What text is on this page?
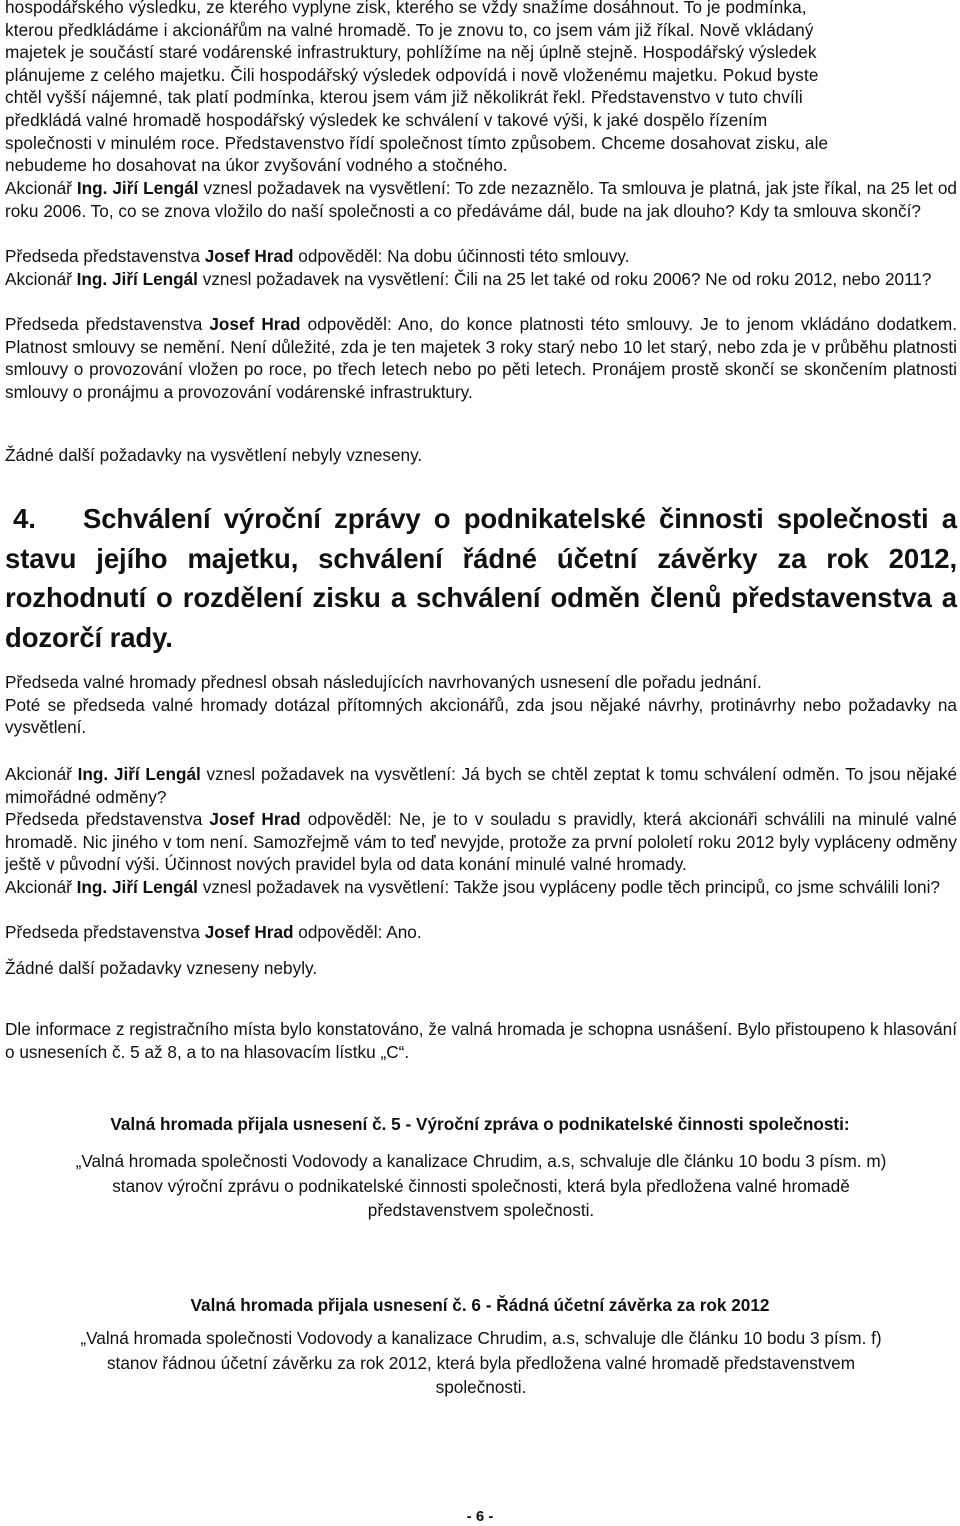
hospodářského výsledku, ze kterého vyplyne zisk, kterého se vždy snažíme dosáhnout. To je podmínka,
kterou předkládáme i akcionářům na valné hromadě. To je znovu to, co jsem vám již říkal. Nově vkládaný
majetek je součástí staré vodárenské infrastruktury, pohlížíme na něj úplně stejně. Hospodářský výsledek
plánujeme z celého majetku. Čili hospodářský výsledek odpovídá i nově vloženému majetku. Pokud byste
chtěl vyšší nájemné, tak platí podmínka, kterou jsem vám již několikrát řekl. Představenstvo v tuto chvíli
předkládá valné hromadě hospodářský výsledek ke schválení v takové výši, k jaké dospělo řízením
společnosti v minulém roce. Představenstvo řídí společnost tímto způsobem. Chceme dosahovat zisku, ale
nebudeme ho dosahovat na úkor zvyšování vodného a stočného.

Akcionář Ing. Jiří Lengál vznesl požadavek na vysvětlení: To zde nezaznělo. Ta smlouva je platná, jak jste říkal, na 25 let od roku 2006. To, co se znova vložilo do naší společnosti a co předáváme dál, bude na jak dlouho? Kdy ta smlouva skončí?

Předseda představenstva Josef Hrad odpověděl: Na dobu účinnosti této smlouvy.

Akcionář Ing. Jiří Lengál vznesl požadavek na vysvětlení: Čili na 25 let také od roku 2006? Ne od roku 2012, nebo 2011?

Předseda představenstva Josef Hrad odpověděl: Ano, do konce platnosti této smlouvy. Je to jenom vkládáno dodatkem. Platnost smlouvy se nemění. Není důležité, zda je ten majetek 3 roky starý nebo 10 let starý, nebo zda je v průběhu platnosti smlouvy o provozování vložen po roce, po třech letech nebo po pěti letech. Pronájem prostě skončí se skončením platnosti smlouvy o pronájmu a provozování vodárenské infrastruktury.

Žádné další požadavky na vysvětlení nebyly vzneseny.

4. Schválení výroční zprávy o podnikatelské činnosti společnosti a stavu jejího majetku, schválení řádné účetní závěrky za rok 2012, rozhodnutí o rozdělení zisku a schválení odměn členů představenstva a dozorčí rady.

Předseda valné hromady přednesl obsah následujících navrhovaných usnesení dle pořadu jednání.
Poté se předseda valné hromady dotázal přítomných akcionářů, zda jsou nějaké návrhy, protinávrhy nebo požadavky na vysvětlení.

Akcionář Ing. Jiří Lengál vznesl požadavek na vysvětlení: Já bych se chtěl zeptat k tomu schválení odměn. To jsou nějaké mimořádné odměny?

Předseda představenstva Josef Hrad odpověděl: Ne, je to v souladu s pravidly, která akcionáři schválili na minulé valné hromadě. Nic jiného v tom není. Samozřejmě vám to teď nevyjde, protože za první pololetí roku 2012 byly vypláceny odměny ještě v původní výši. Účinnost nových pravidel byla od data konání minulé valné hromady.

Akcionář Ing. Jiří Lengál vznesl požadavek na vysvětlení: Takže jsou vypláceny podle těch principů, co jsme schválili loni?

Předseda představenstva Josef Hrad odpověděl: Ano.

Žádné další požadavky vzneseny nebyly.

Dle informace z registračního místa bylo konstatováno, že valná hromada je schopna usnášení. Bylo přistoupeno k hlasování o usneseních č. 5 až 8, a to na hlasovacím lístku „C“.

Valná hromada přijala usnesení č. 5 - Výroční zpráva o podnikatelské činnosti společnosti:

„Valná hromada společnosti Vodovody a kanalizace Chrudim, a.s, schvaluje dle článku 10 bodu 3 písm. m)
stanov výroční zprávu o podnikatelské činnosti společnosti, která byla předložena valné hromadě
představenstvem společnosti.

Valná hromada přijala usnesení č. 6 - Řádná účetní závěrka za rok 2012

„Valná hromada společnosti Vodovody a kanalizace Chrudim, a.s, schvaluje dle článku 10 bodu 3 písm. f)
stanov řádnou účetní závěrku za rok 2012, která byla předložena valné hromadě představenstvem
společnosti.
- 6 -
